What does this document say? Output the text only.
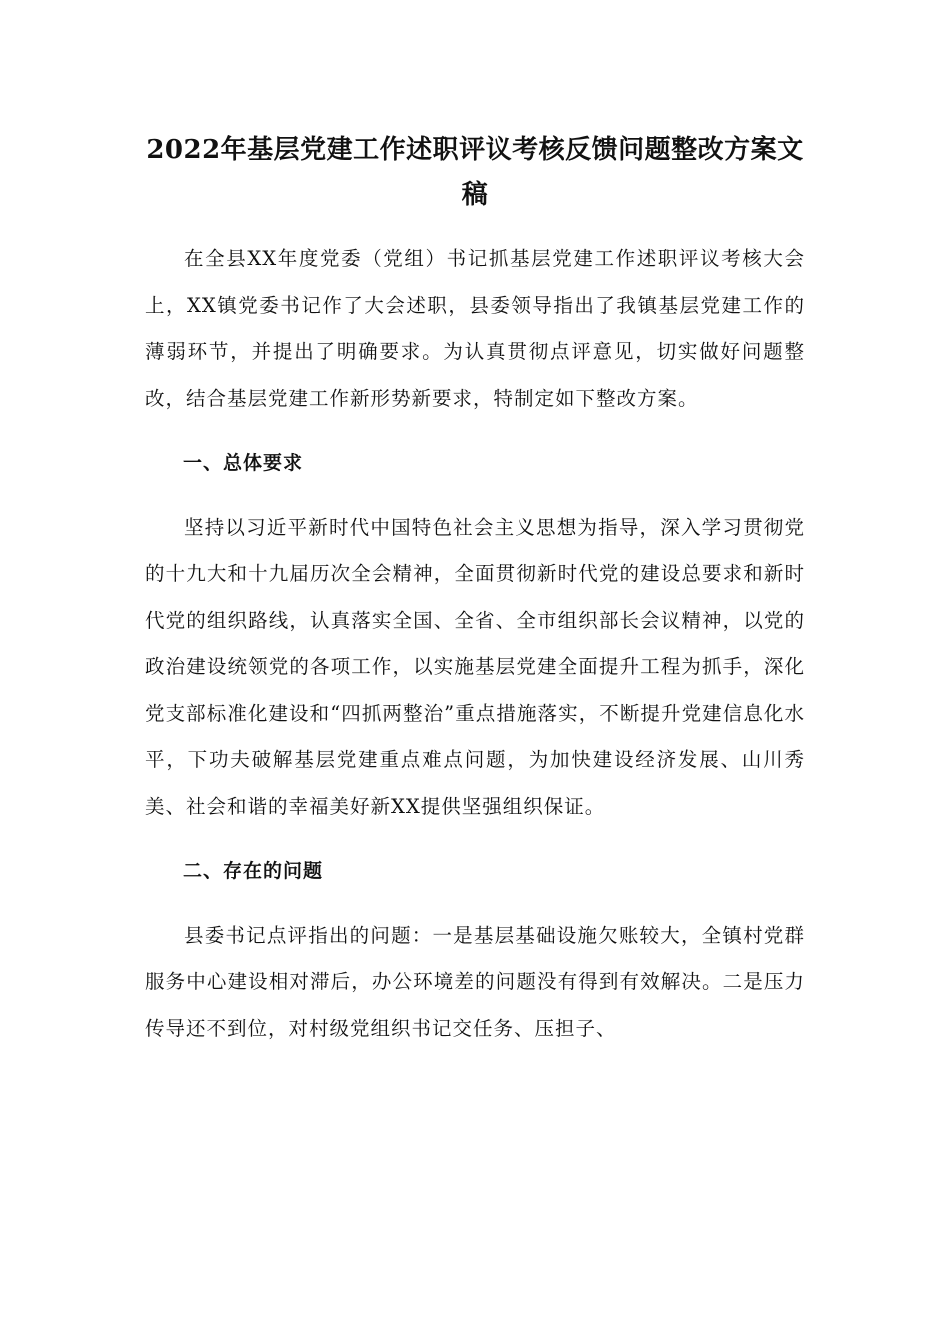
2022年基层党建工作述职评议考核反馈问题整改方案文稿

在全县XX年度党委（党组）书记抓基层党建工作述职评议考核大会上，XX镇党委书记作了大会述职，县委领导指出了我镇基层党建工作的薄弱环节，并提出了明确要求。为认真贯彻点评意见，切实做好问题整改，结合基层党建工作新形势新要求，特制定如下整改方案。

一、总体要求

坚持以习近平新时代中国特色社会主义思想为指导，深入学习贯彻党的十九大和十九届历次全会精神，全面贯彻新时代党的建设总要求和新时代党的组织路线，认真落实全国、全省、全市组织部长会议精神，以党的政治建设统领党的各项工作，以实施基层党建全面提升工程为抓手，深化党支部标准化建设和“四抓两整治”重点措施落实，不断提升党建信息化水平，下功夫破解基层党建重点难点问题，为加快建设经济发展、山川秀美、社会和谐的幸福美好新XX提供坚强组织保证。

二、存在的问题

县委书记点评指出的问题：一是基层基础设施欠账较大，全镇村党群服务中心建设相对滞后，办公环境差的问题没有得到有效解决。二是压力传导还不到位，对村级党组织书记交任务、压担子、
